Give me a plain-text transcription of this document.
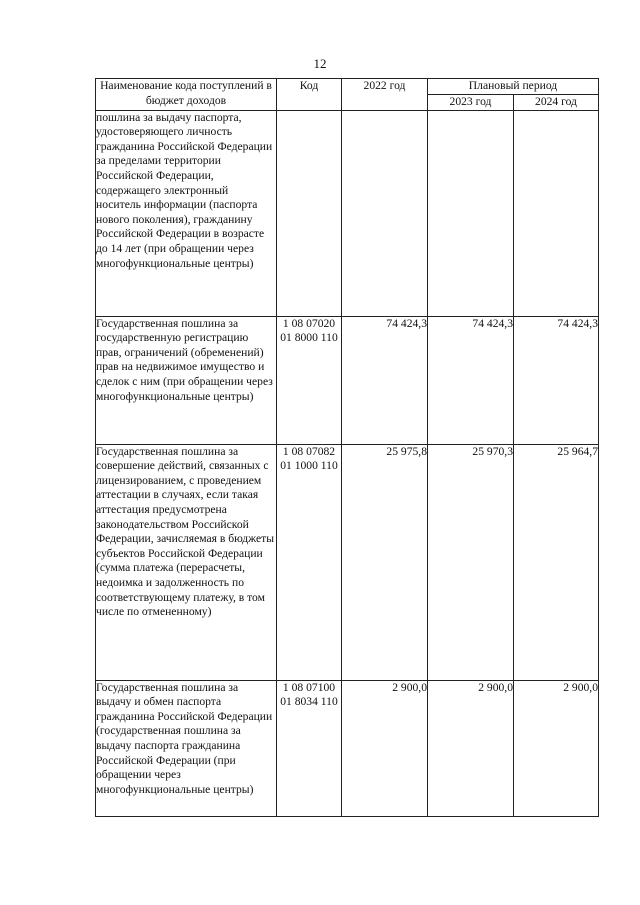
12
Наименование кода поступлений в бюджет доходов	Код	2022 год	Плановый период	
			2023 год	2024 год
пошлина за выдачу паспорта, удостоверяющего личность гражданина Российской Федерации за пределами территории Российской Федерации, содержащего электронный носитель информации (паспорта нового поколения), гражданину Российской Федерации в возрасте до 14 лет (при обращении через многофункциональные центры)				
Государственная пошлина за государственную регистрацию прав, ограничений (обременений) прав на недвижимое имущество и сделок с ним (при обращении через многофункциональные центры)	1 08 07020 01 8000 110	74 424,3	74 424,3	74 424,3
Государственная пошлина за совершение действий, связанных с лицензированием, с проведением аттестации в случаях, если такая аттестация предусмотрена законодательством Российской Федерации, зачисляемая в бюджеты субъектов Российской Федерации (сумма платежа (перерасчеты, недоимка и задолженность по соответствующему платежу, в том числе по отмененному)	1 08 07082 01 1000 110	25 975,8	25 970,3	25 964,7
Государственная пошлина за выдачу и обмен паспорта гражданина Российской Федерации (государственная пошлина за выдачу паспорта гражданина Российской Федерации (при обращении через многофункциональные центры)	1 08 07100 01 8034 110	2 900,0	2 900,0	2 900,0
